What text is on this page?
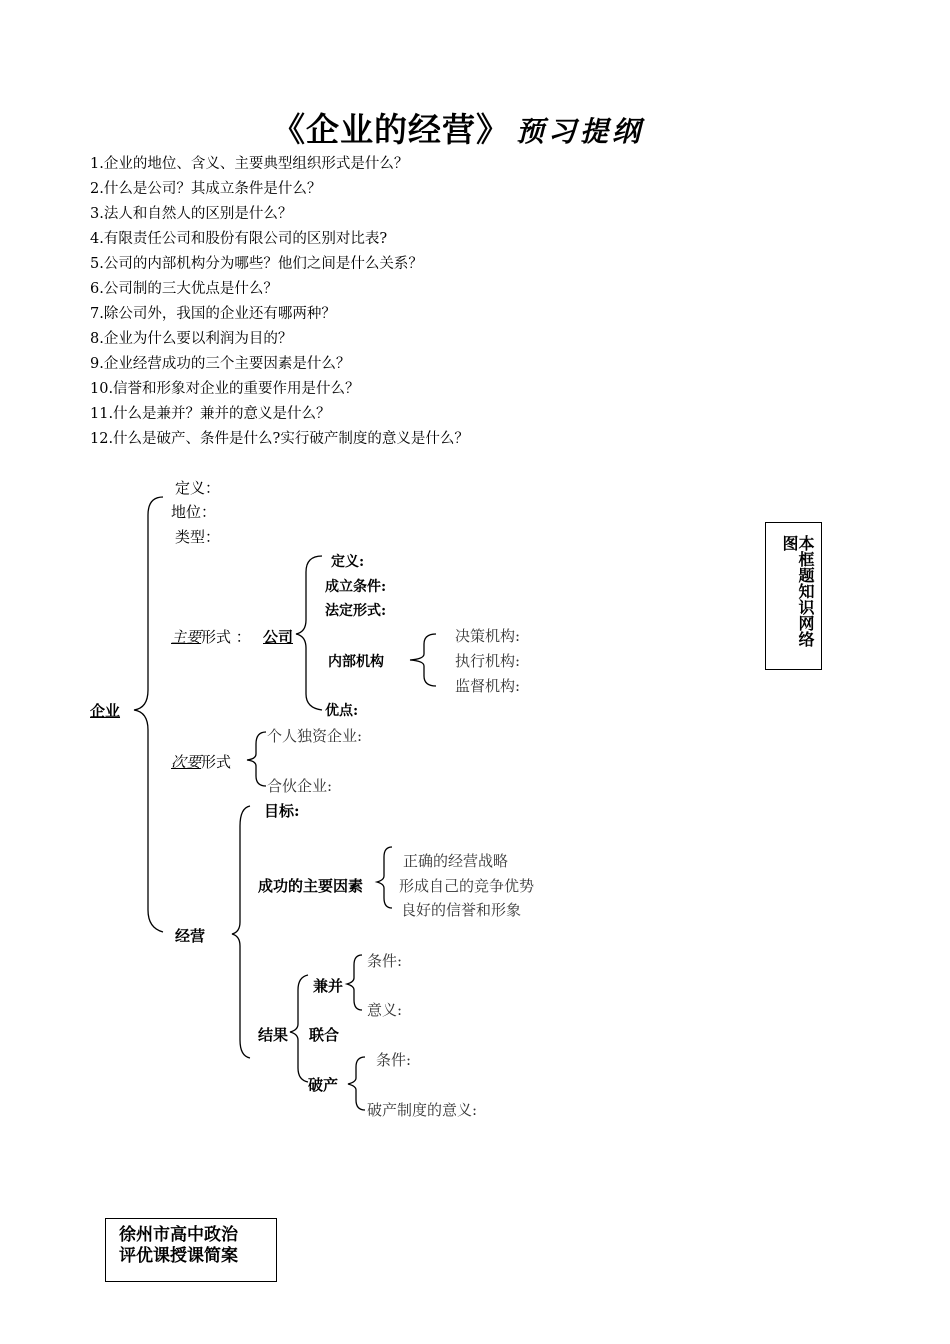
《企业的经营》 预习提纲
1.企业的地位、含义、主要典型组织形式是什么？
2.什么是公司？其成立条件是什么？
3.法人和自然人的区别是什么？
4.有限责任公司和股份有限公司的区别对比表?
5.公司的内部机构分为哪些？他们之间是什么关系？
6.公司制的三大优点是什么？
7.除公司外，我国的企业还有哪两种？
8.企业为什么要以利润为目的？
9.企业经营成功的三个主要因素是什么？
10.信誉和形象对企业的重要作用是什么？
11.什么是兼并？兼并的意义是什么？
12.什么是破产、条件是什么?实行破产制度的意义是什么？
企业
定义：
地位：
类型：
主要形式 ： 公司
定义:
成立条件:
法定形式:
内部机构
优点:
决策机构:
执行机构:
监督机构:
次要形式
个人独资企业:
合伙企业:
经营
目标:
成功的主要因素
正确的经营战略
形成自己的竞争优势
良好的信誉和形象
结果
兼并
条件:
意义:
联合
破产
条件:
破产制度的意义:
本框题知识网络
图
徐州市高中政治
评优课授课简案
